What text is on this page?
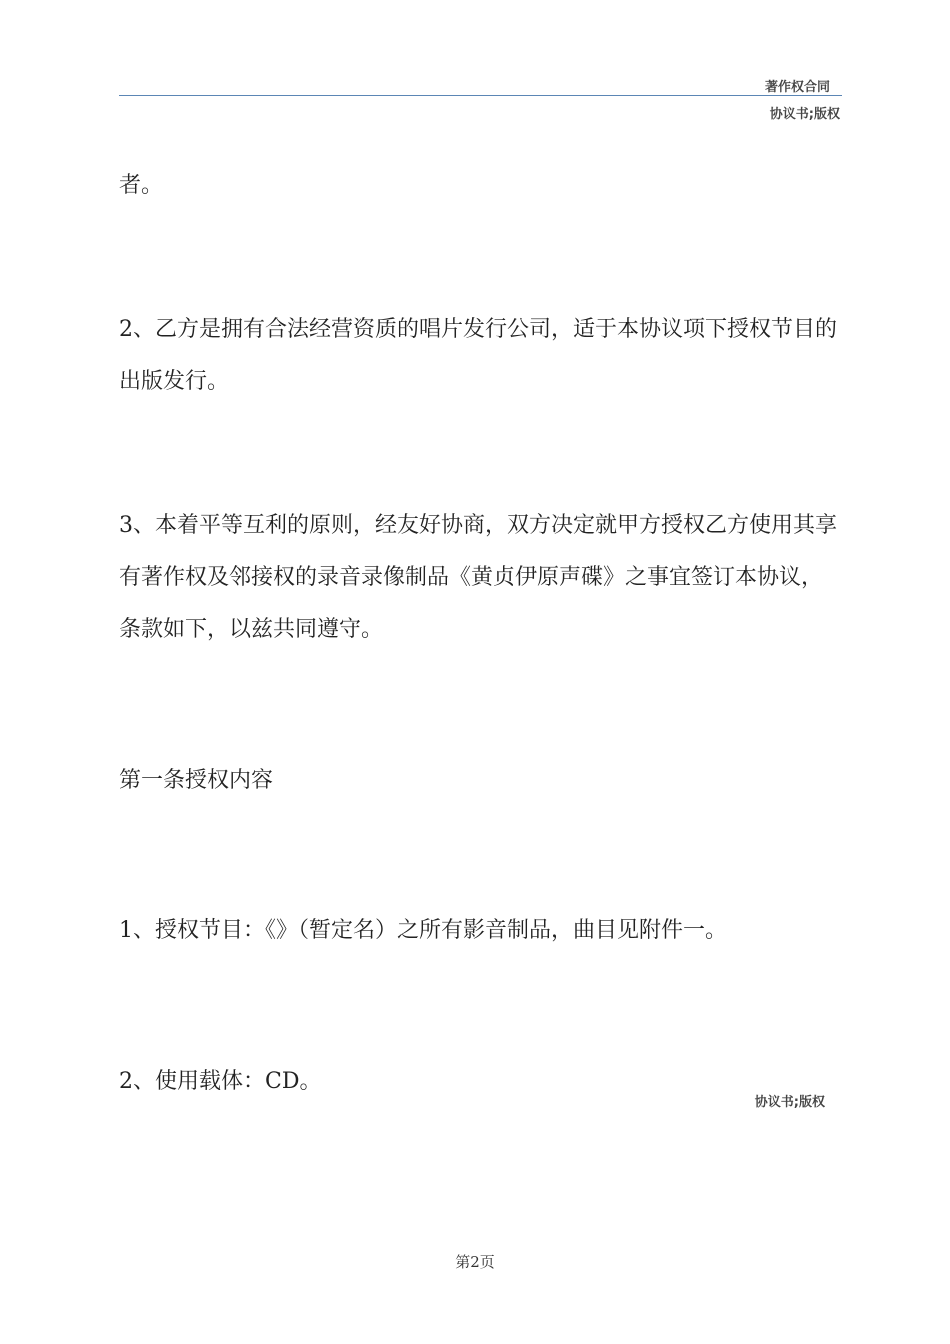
著作权合同
协议书;版权

者。

2、乙方是拥有合法经营资质的唱片发行公司，适于本协议项下授权节目的出版发行。

3、本着平等互利的原则，经友好协商，双方决定就甲方授权乙方使用其享有著作权及邻接权的录音录像制品《黄贞伊原声碟》之事宜签订本协议，条款如下，以兹共同遵守。

第一条授权内容

1、授权节目：《》（暂定名）之所有影音制品，曲目见附件一。

2、使用载体：CD。

协议书;版权
第2页
